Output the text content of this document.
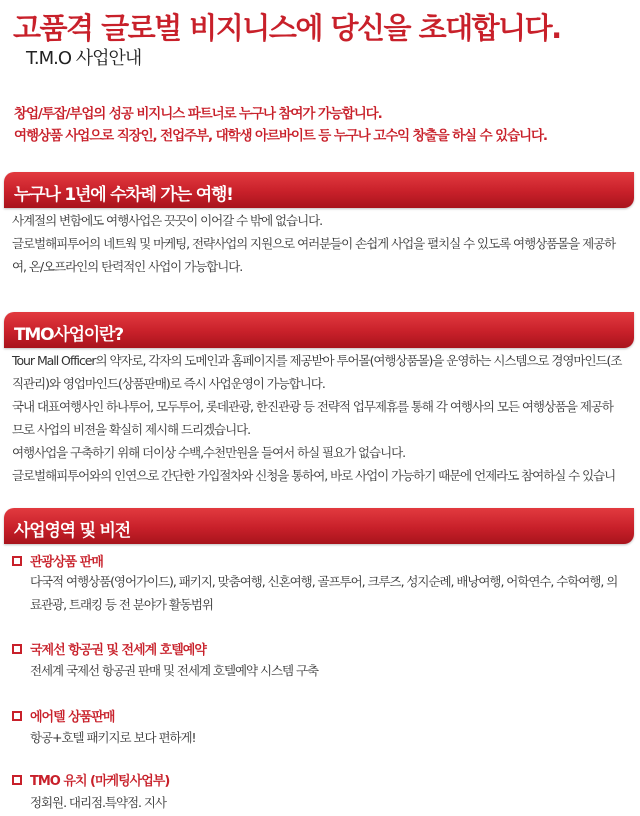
고품격 글로벌 비지니스에 당신을 초대합니다.
T.M.O 사업안내
창업/투잡/부업의 성공 비지니스 파트너로 누구나 참여가 가능합니다.
여행상품 사업으로 직장인, 전업주부, 대학생 아르바이트 등 누구나 고수익 창출을 하실 수 있습니다.
누구나 1년에 수차례 가는 여행!

사계절의 변함에도 여행사업은 끗끗이 이어갈 수 밖에 없습니다.

글로벌해피투어의 네트웍 및 마케팅, 전략사업의 지원으로 여러분들이 손쉽게 사업을 펼치실 수 있도록 여행상품몰을 제공하

여, 온/오프라인의 탄력적인 사업이 가능합니다.

TMO사업이란?

Tour Mall Officer의 약자로, 각자의 도메인과 홈페이지를 제공받아 투어몰(여행상품몰)을 운영하는 시스템으로 경영마인드(조

직관리)와 영업마인드(상품판매)로 즉시 사업운영이 가능합니다.

국내 대표여행사인 하나투어, 모두투어, 롯데관광, 한진관광 등 전략적 업무제휴를 통해 각 여행사의 모든 여행상품을 제공하

므로 사업의 비젼을 확실히 제시해 드리겠습니다.

여행사업을 구축하기 위해 더이상 수백,수천만원을 들여서 하실 필요가 없습니다.

글로벌해피투어와의 인연으로 간단한 가입절차와 신청을 통하여, 바로 사업이 가능하기 때문에 언제라도 참여하실 수 있습니

사업영역 및 비전
관광상품 판매

다국적 여행상품(영어가이드), 패키지, 맞춤여행, 신혼여행, 골프투어, 크루즈, 성지순례, 배낭여행, 어학연수, 수학여행, 의

료관광, 트래킹 등 전 분야가 활동범위

국제선 항공권 및 전세계 호텔예약

전세계 국제선 항공권 판매 및 전세계 호텔예약 시스템 구축

에어텔 상품판매

항공+호텔 패키지로 보다 편하게!

TMO 유치 (마케팅사업부)

정회원. 대리점.특약점. 지사
